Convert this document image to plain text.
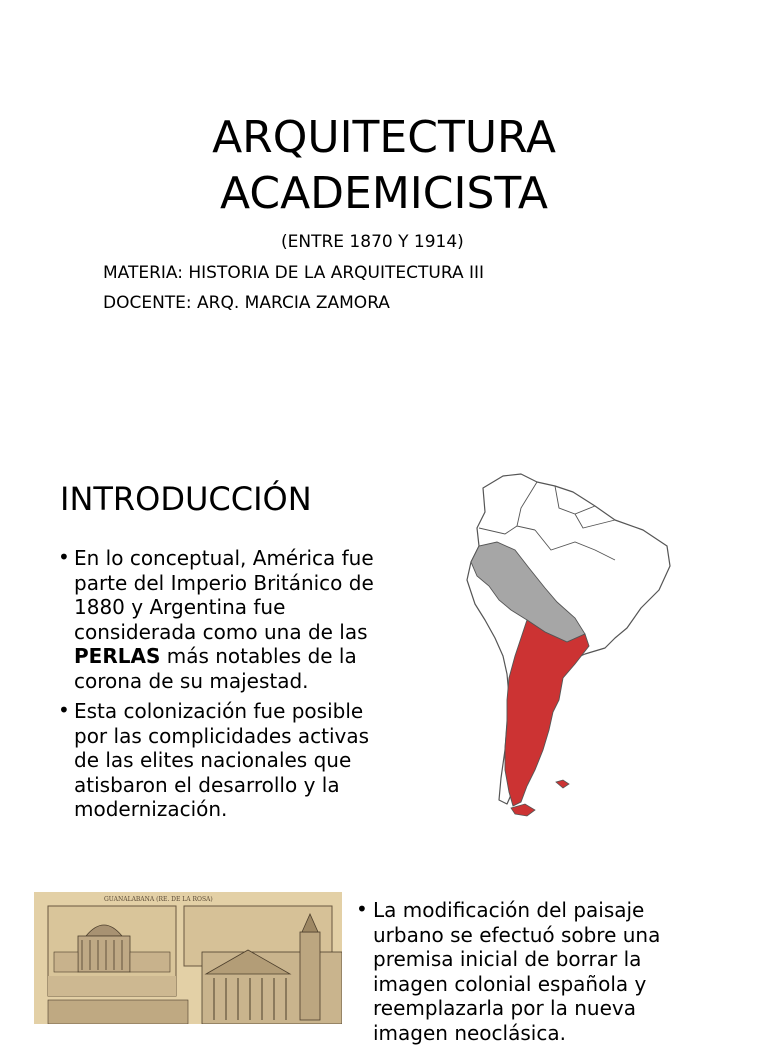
ARQUITECTURA
ACADEMICISTA
(ENTRE 1870 Y 1914)
MATERIA: HISTORIA DE LA ARQUITECTURA III
DOCENTE: ARQ. MARCIA ZAMORA
INTRODUCCIÓN
• En lo conceptual, América fue parte del Imperio Británico de 1880 y Argentina fue considerada como una de las PERLAS más notables de la corona de su majestad.
• Esta colonización fue posible por las complicidades activas de las elites nacionales que atisbaron el desarrollo y la modernización.
GUANALABANA (RE. DE LA ROSA)
•	La modificación del paisaje urbano se efectuó sobre una premisa inicial de borrar la imagen colonial española y reemplazarla por la nueva imagen neoclásica.
